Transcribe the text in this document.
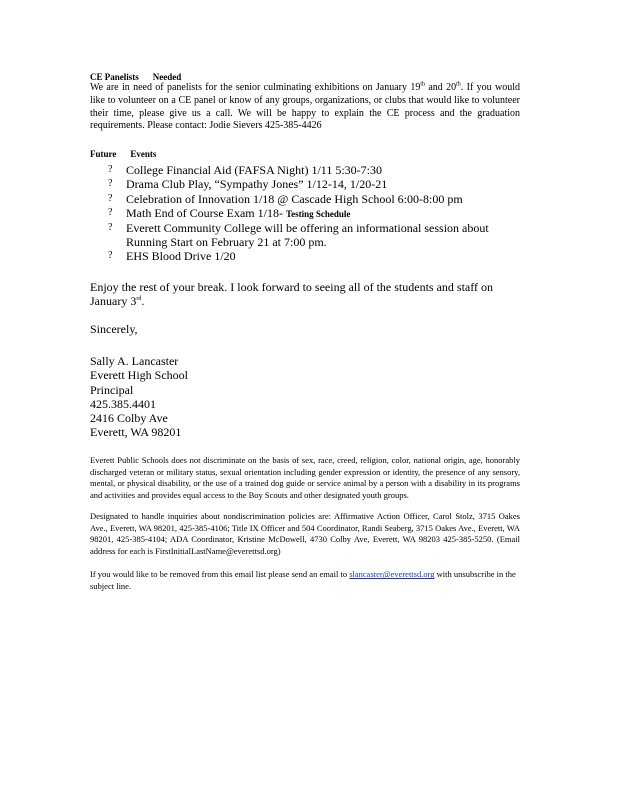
CE Panelists Needed
We are in need of panelists for the senior culminating exhibitions on January 19th and 20th. If you would like to volunteer on a CE panel or know of any groups, organizations, or clubs that would like to volunteer their time, please give us a call. We will be happy to explain the CE process and the graduation requirements. Please contact: Jodie Sievers 425-385-4426
Future Events
? College Financial Aid (FAFSA Night) 1/11 5:30-7:30
? Drama Club Play, “Sympathy Jones” 1/12-14, 1/20-21
? Celebration of Innovation 1/18 @ Cascade High School 6:00-8:00 pm
? Math End of Course Exam 1/18- Testing Schedule
? Everett Community College will be offering an informational session about Running Start on February 21 at 7:00 pm.
? EHS Blood Drive 1/20
Enjoy the rest of your break. I look forward to seeing all of the students and staff on January 3rd.
Sincerely,

Sally A. Lancaster

Everett High School

Principal

425.385.4401

2416 Colby Ave

Everett, WA 98201

Everett Public Schools does not discriminate on the basis of sex, race, creed, religion, color, national origin, age, honorably discharged veteran or military status, sexual orientation including gender expression or identity, the presence of any sensory, mental, or physical disability, or the use of a trained dog guide or service animal by a person with a disability in its programs and activities and provides equal access to the Boy Scouts and other designated youth groups.
Designated to handle inquiries about nondiscrimination policies are: Affirmative Action Officer, Carol Stolz, 3715 Oakes Ave., Everett, WA 98201, 425-385-4106; Title IX Officer and 504 Coordinator, Randi Seaberg, 3715 Oakes Ave., Everett, WA 98201, 425-385-4104; ADA Coordinator, Kristine McDowell, 4730 Colby Ave, Everett, WA 98203 425-385-5250. (Email address for each is FirstInitialLastName@everettsd.org)
If you would like to be removed from this email list please send an email to slancaster@everettsd.org with unsubscribe in the subject line.
